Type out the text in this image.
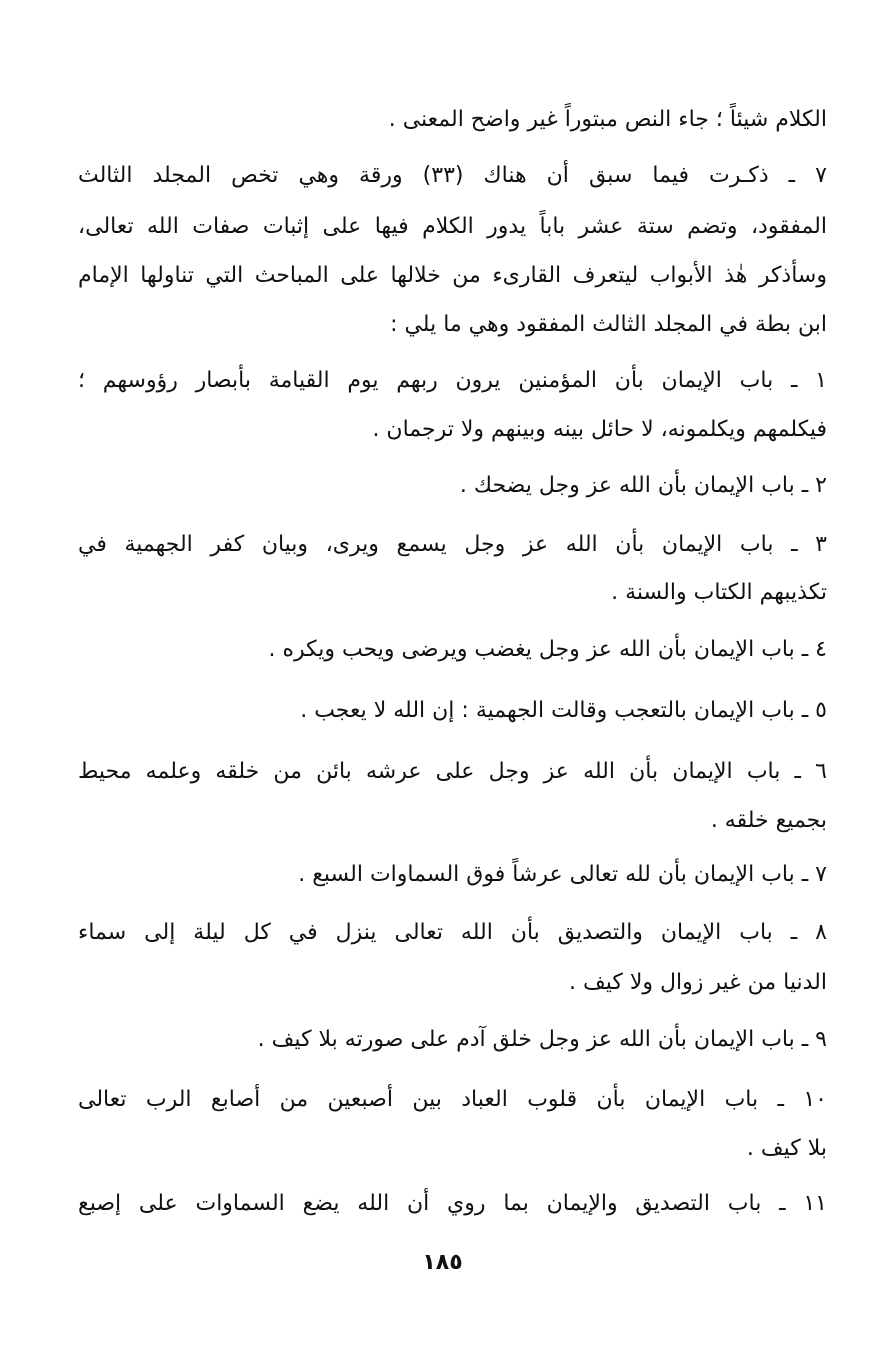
الكلام شيئاً ؛ جاء النص مبتوراً غير واضح المعنى .
٧ ـ ذكـرت فيما سبق أن هناك (٣٣) ورقة وهي تخص المجلد الثالث
المفقود، وتضم ستة عشر باباً يدور الكلام فيها على إثبات صفات الله تعالى،
وسأذكر هٰذ الأبواب ليتعرف القارىء من خلالها على المباحث التي تناولها الإمام
ابن بطة في المجلد الثالث المفقود وهي ما يلي :
١ ـ باب الإيمان بأن المؤمنين يرون ربهم يوم القيامة بأبصار رؤوسهم ؛
فيكلمهم ويكلمونه، لا حائل بينه وبينهم ولا ترجمان .
٢ ـ باب الإيمان بأن الله عز وجل يضحك .
٣ ـ باب الإيمان بأن الله عز وجل يسمع ويرى، وبيان كفر الجهمية في
تكذيبهم الكتاب والسنة .
٤ ـ باب الإيمان بأن الله عز وجل يغضب ويرضى ويحب ويكره .
٥ ـ باب الإيمان بالتعجب وقالت الجهمية : إن الله لا يعجب .
٦ ـ باب الإيمان بأن الله عز وجل على عرشه بائن من خلقه وعلمه محيط
بجميع خلقه .
٧ ـ باب الإيمان بأن لله تعالى عرشاً فوق السماوات السبع .
٨ ـ باب الإيمان والتصديق بأن الله تعالى ينزل في كل ليلة إلى سماء
الدنيا من غير زوال ولا كيف .
٩ ـ باب الإيمان بأن الله عز وجل خلق آدم على صورته بلا كيف .
١٠ ـ باب الإيمان بأن قلوب العباد بين أصبعين من أصابع الرب تعالى
بلا كيف .
١١ ـ باب التصديق والإيمان بما روي أن الله يضع السماوات على إصبع
١٨٥
